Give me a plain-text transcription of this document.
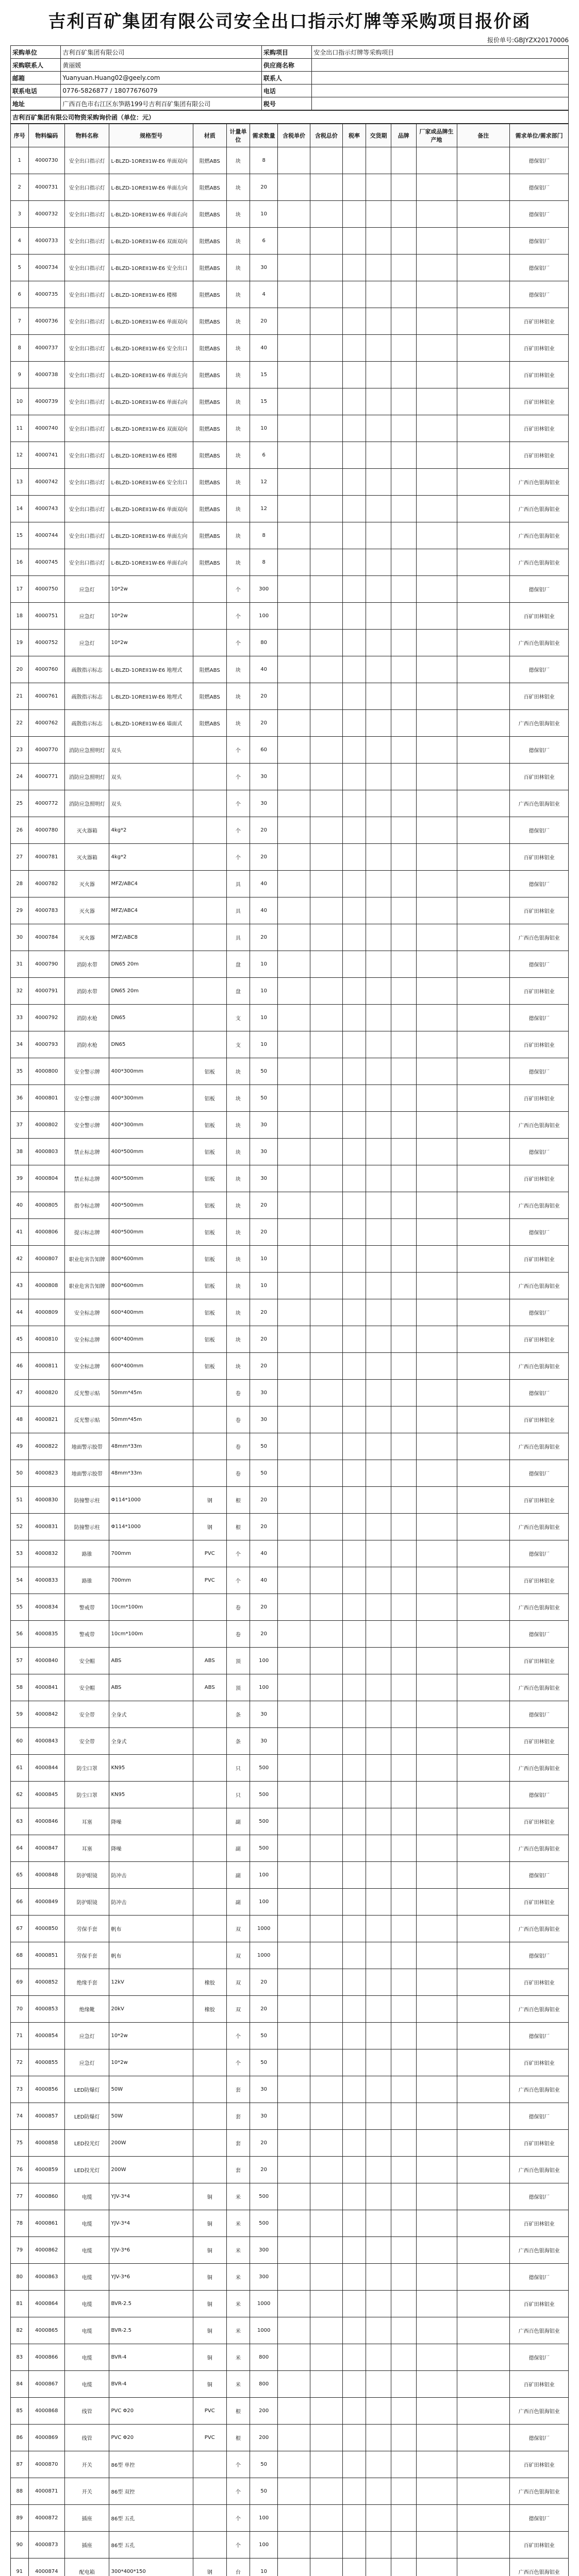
吉利百矿集团有限公司安全出口指示灯牌等采购项目报价函
报价单号:GBJYZX20170006
采购单位	吉利百矿集团有限公司	采购项目	安全出口指示灯牌等采购项目
采购联系人	黄丽媛	供应商名称	
邮箱	Yuanyuan.Huang02@geely.com	联系人	
联系电话	0776-5826877 / 18077676079	电话	
地址	广西百色市右江区东笋路199号吉利百矿集团有限公司	税号	
吉利百矿集团有限公司物资采购询价函（单位：元）
序号	物料编码	物料名称	规格型号	材质	计量单位	需求数量	含税单价	含税总价	税率	交货期	品牌	厂家或品牌生产地	备注	需求单位/需求部门
1	4000730	安全出口指示灯	L-BLZD-1OREII1W-E6 单面双向	阻燃ABS	块	8								德保铝厂
2	4000731	安全出口指示灯	L-BLZD-1OREII1W-E6 单面左向	阻燃ABS	块	20								德保铝厂
3	4000732	安全出口指示灯	L-BLZD-1OREII1W-E6 单面右向	阻燃ABS	块	10								德保铝厂
4	4000733	安全出口指示灯	L-BLZD-1OREII1W-E6 双面双向	阻燃ABS	块	6								德保铝厂
5	4000734	安全出口指示灯	L-BLZD-1OREII1W-E6 安全出口	阻燃ABS	块	30								德保铝厂
6	4000735	安全出口指示灯	L-BLZD-1OREII1W-E6 楼梯	阻燃ABS	块	4								德保铝厂
7	4000736	安全出口指示灯	L-BLZD-1OREII1W-E6 单面双向	阻燃ABS	块	20								百矿田林铝业
8	4000737	安全出口指示灯	L-BLZD-1OREII1W-E6 安全出口	阻燃ABS	块	40								百矿田林铝业
9	4000738	安全出口指示灯	L-BLZD-1OREII1W-E6 单面左向	阻燃ABS	块	15								百矿田林铝业
10	4000739	安全出口指示灯	L-BLZD-1OREII1W-E6 单面右向	阻燃ABS	块	15								百矿田林铝业
11	4000740	安全出口指示灯	L-BLZD-1OREII1W-E6 双面双向	阻燃ABS	块	10								百矿田林铝业
12	4000741	安全出口指示灯	L-BLZD-1OREII1W-E6 楼梯	阻燃ABS	块	6								百矿田林铝业
13	4000742	安全出口指示灯	L-BLZD-1OREII1W-E6 安全出口	阻燃ABS	块	12								广西百色银海铝业
14	4000743	安全出口指示灯	L-BLZD-1OREII1W-E6 单面双向	阻燃ABS	块	12								广西百色银海铝业
15	4000744	安全出口指示灯	L-BLZD-1OREII1W-E6 单面左向	阻燃ABS	块	8								广西百色银海铝业
16	4000745	安全出口指示灯	L-BLZD-1OREII1W-E6 单面右向	阻燃ABS	块	8								广西百色银海铝业
17	4000750	应急灯	10*2w		个	300								德保铝厂
18	4000751	应急灯	10*2w		个	100								百矿田林铝业
19	4000752	应急灯	10*2w		个	80								广西百色银海铝业
20	4000760	疏散指示标志	L-BLZD-1OREII1W-E6 地埋式	阻燃ABS	块	40								德保铝厂
21	4000761	疏散指示标志	L-BLZD-1OREII1W-E6 地埋式	阻燃ABS	块	20								百矿田林铝业
22	4000762	疏散指示标志	L-BLZD-1OREII1W-E6 墙面式	阻燃ABS	块	20								广西百色银海铝业
23	4000770	消防应急照明灯	双头		个	60								德保铝厂
24	4000771	消防应急照明灯	双头		个	30								百矿田林铝业
25	4000772	消防应急照明灯	双头		个	30								广西百色银海铝业
26	4000780	灭火器箱	4kg*2		个	20								德保铝厂
27	4000781	灭火器箱	4kg*2		个	20								百矿田林铝业
28	4000782	灭火器	MFZ/ABC4		具	40								德保铝厂
29	4000783	灭火器	MFZ/ABC4		具	40								百矿田林铝业
30	4000784	灭火器	MFZ/ABC8		具	20								广西百色银海铝业
31	4000790	消防水带	DN65 20m		盘	10								德保铝厂
32	4000791	消防水带	DN65 20m		盘	10								百矿田林铝业
33	4000792	消防水枪	DN65		支	10								德保铝厂
34	4000793	消防水枪	DN65		支	10								百矿田林铝业
35	4000800	安全警示牌	400*300mm	铝板	块	50								德保铝厂
36	4000801	安全警示牌	400*300mm	铝板	块	50								百矿田林铝业
37	4000802	安全警示牌	400*300mm	铝板	块	30								广西百色银海铝业
38	4000803	禁止标志牌	400*500mm	铝板	块	30								德保铝厂
39	4000804	禁止标志牌	400*500mm	铝板	块	30								百矿田林铝业
40	4000805	指令标志牌	400*500mm	铝板	块	20								广西百色银海铝业
41	4000806	提示标志牌	400*500mm	铝板	块	20								德保铝厂
42	4000807	职业危害告知牌	800*600mm	铝板	块	10								百矿田林铝业
43	4000808	职业危害告知牌	800*600mm	铝板	块	10								广西百色银海铝业
44	4000809	安全标志牌	600*400mm	铝板	块	20								德保铝厂
45	4000810	安全标志牌	600*400mm	铝板	块	20								百矿田林铝业
46	4000811	安全标志牌	600*400mm	铝板	块	20								广西百色银海铝业
47	4000820	反光警示贴	50mm*45m		卷	30								德保铝厂
48	4000821	反光警示贴	50mm*45m		卷	30								百矿田林铝业
49	4000822	地面警示胶带	48mm*33m		卷	50								广西百色银海铝业
50	4000823	地面警示胶带	48mm*33m		卷	50								德保铝厂
51	4000830	防撞警示柱	Φ114*1000	钢	根	20								百矿田林铝业
52	4000831	防撞警示柱	Φ114*1000	钢	根	20								广西百色银海铝业
53	4000832	路锥	700mm	PVC	个	40								德保铝厂
54	4000833	路锥	700mm	PVC	个	40								百矿田林铝业
55	4000834	警戒带	10cm*100m		卷	20								广西百色银海铝业
56	4000835	警戒带	10cm*100m		卷	20								德保铝厂
57	4000840	安全帽	ABS	ABS	顶	100								百矿田林铝业
58	4000841	安全帽	ABS	ABS	顶	100								广西百色银海铝业
59	4000842	安全带	全身式		条	30								德保铝厂
60	4000843	安全带	全身式		条	30								百矿田林铝业
61	4000844	防尘口罩	KN95		只	500								广西百色银海铝业
62	4000845	防尘口罩	KN95		只	500								德保铝厂
63	4000846	耳塞	降噪		副	500								百矿田林铝业
64	4000847	耳塞	降噪		副	500								广西百色银海铝业
65	4000848	防护眼镜	防冲击		副	100								德保铝厂
66	4000849	防护眼镜	防冲击		副	100								百矿田林铝业
67	4000850	劳保手套	帆布		双	1000								广西百色银海铝业
68	4000851	劳保手套	帆布		双	1000								德保铝厂
69	4000852	绝缘手套	12kV	橡胶	双	20								百矿田林铝业
70	4000853	绝缘靴	20kV	橡胶	双	20								广西百色银海铝业
71	4000854	应急灯	10*2w		个	50								德保铝厂
72	4000855	应急灯	10*2w		个	50								百矿田林铝业
73	4000856	LED防爆灯	50W		套	30								广西百色银海铝业
74	4000857	LED防爆灯	50W		套	30								德保铝厂
75	4000858	LED投光灯	200W		套	20								百矿田林铝业
76	4000859	LED投光灯	200W		套	20								广西百色银海铝业
77	4000860	电缆	YJV-3*4	铜	米	500								德保铝厂
78	4000861	电缆	YJV-3*4	铜	米	500								百矿田林铝业
79	4000862	电缆	YJV-3*6	铜	米	300								广西百色银海铝业
80	4000863	电缆	YJV-3*6	铜	米	300								德保铝厂
81	4000864	电缆	BVR-2.5	铜	米	1000								百矿田林铝业
82	4000865	电缆	BVR-2.5	铜	米	1000								广西百色银海铝业
83	4000866	电缆	BVR-4	铜	米	800								德保铝厂
84	4000867	电缆	BVR-4	铜	米	800								百矿田林铝业
85	4000868	线管	PVC Φ20	PVC	根	200								广西百色银海铝业
86	4000869	线管	PVC Φ20	PVC	根	200								德保铝厂
87	4000870	开关	86型 单控		个	50								百矿田林铝业
88	4000871	开关	86型 双控		个	50								广西百色银海铝业
89	4000872	插座	86型 五孔		个	100								德保铝厂
90	4000873	插座	86型 五孔		个	100								百矿田林铝业
91	4000874	配电箱	300*400*150	钢	台	10								广西百色银海铝业
